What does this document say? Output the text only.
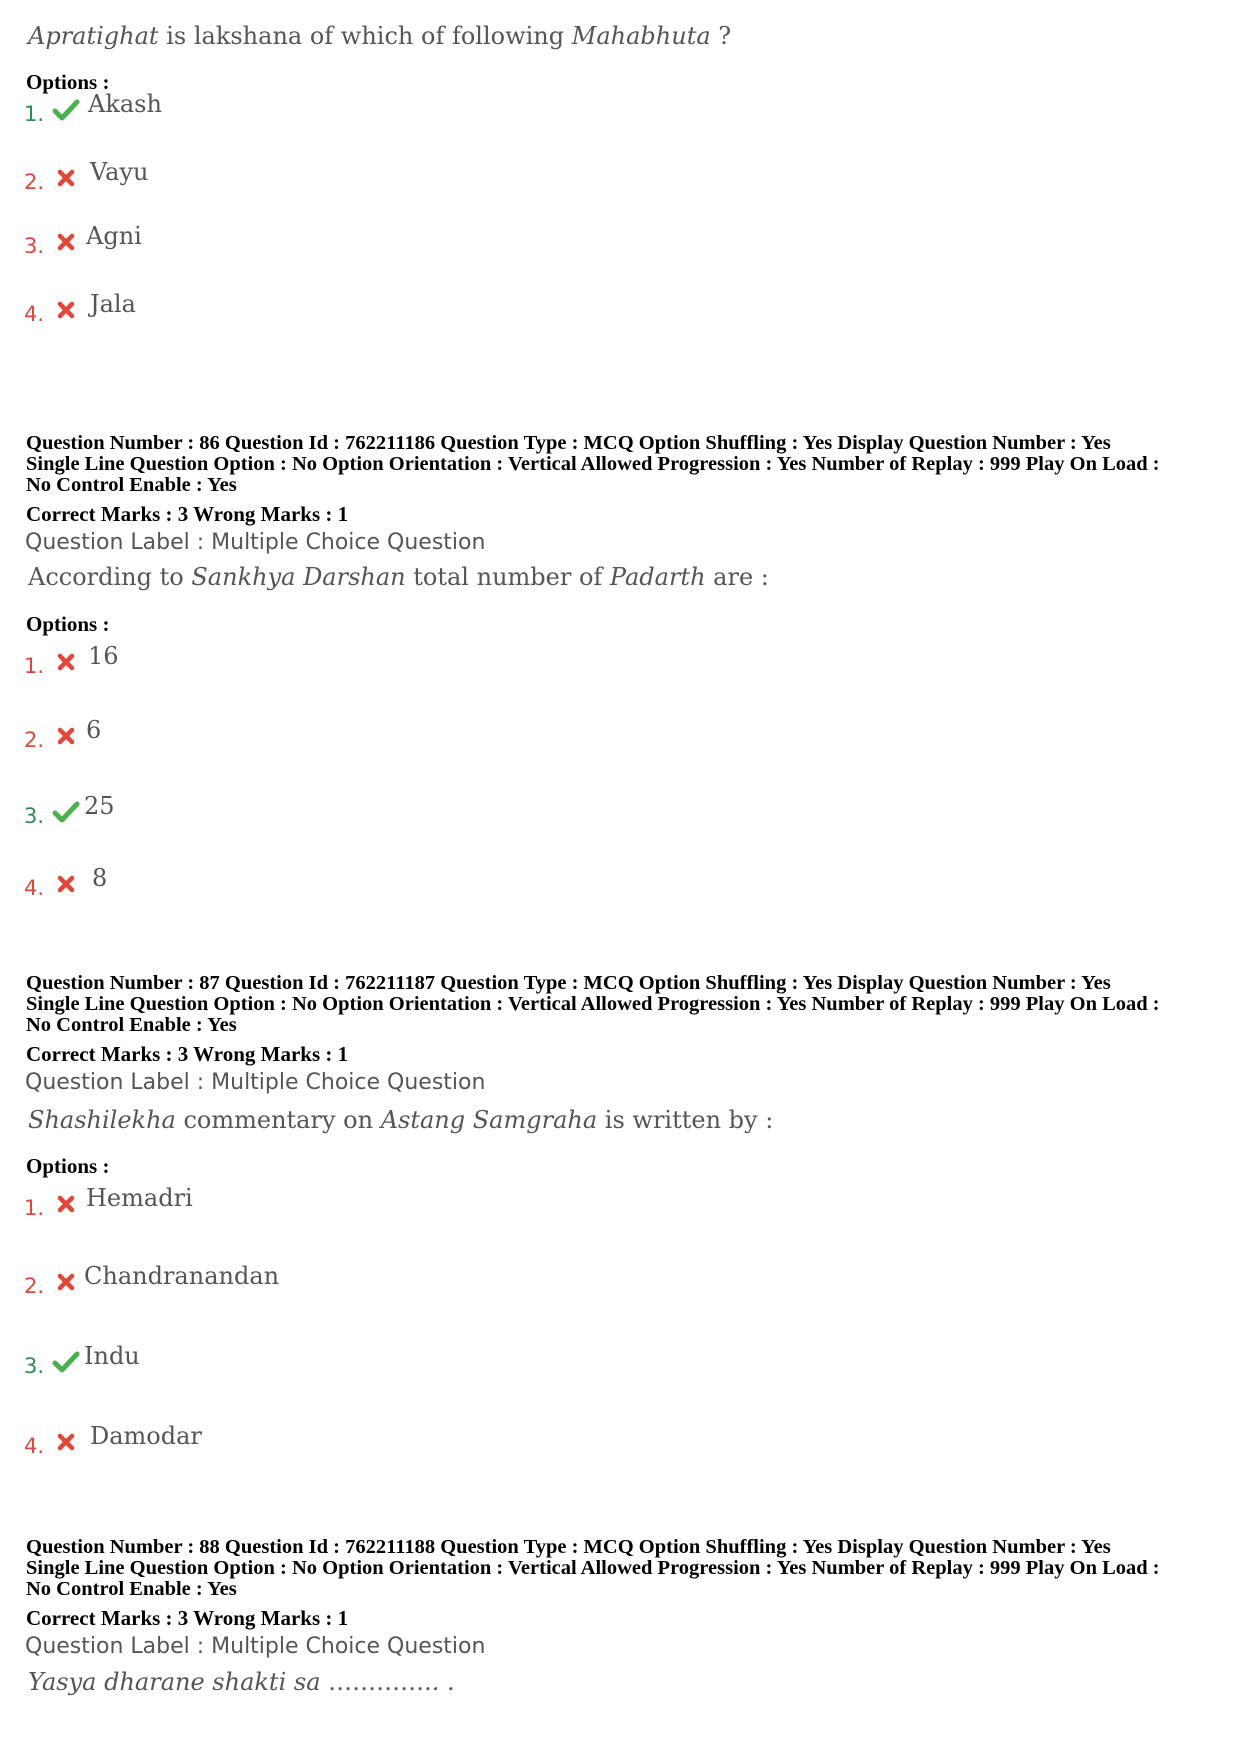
Apratighat is lakshana of which of following Mahabhuta ?
Options :
1. Akash
2. Vayu
3. Agni
4. Jala
Question Number : 86 Question Id : 762211186 Question Type : MCQ Option Shuffling : Yes Display Question Number : Yes
Single Line Question Option : No Option Orientation : Vertical Allowed Progression : Yes Number of Replay : 999 Play On Load :
No Control Enable : Yes
Correct Marks : 3 Wrong Marks : 1
Question Label : Multiple Choice Question
According to Sankhya Darshan total number of Padarth are :
Options :
1. 16
2. 6
3. 25
4. 8
Question Number : 87 Question Id : 762211187 Question Type : MCQ Option Shuffling : Yes Display Question Number : Yes
Single Line Question Option : No Option Orientation : Vertical Allowed Progression : Yes Number of Replay : 999 Play On Load :
No Control Enable : Yes
Correct Marks : 3 Wrong Marks : 1
Question Label : Multiple Choice Question
Shashilekha commentary on Astang Samgraha is written by :
Options :
1. Hemadri
2. Chandranandan
3. Indu
4. Damodar
Question Number : 88 Question Id : 762211188 Question Type : MCQ Option Shuffling : Yes Display Question Number : Yes
Single Line Question Option : No Option Orientation : Vertical Allowed Progression : Yes Number of Replay : 999 Play On Load :
No Control Enable : Yes
Correct Marks : 3 Wrong Marks : 1
Question Label : Multiple Choice Question
Yasya dharane shakti sa ………….. .
